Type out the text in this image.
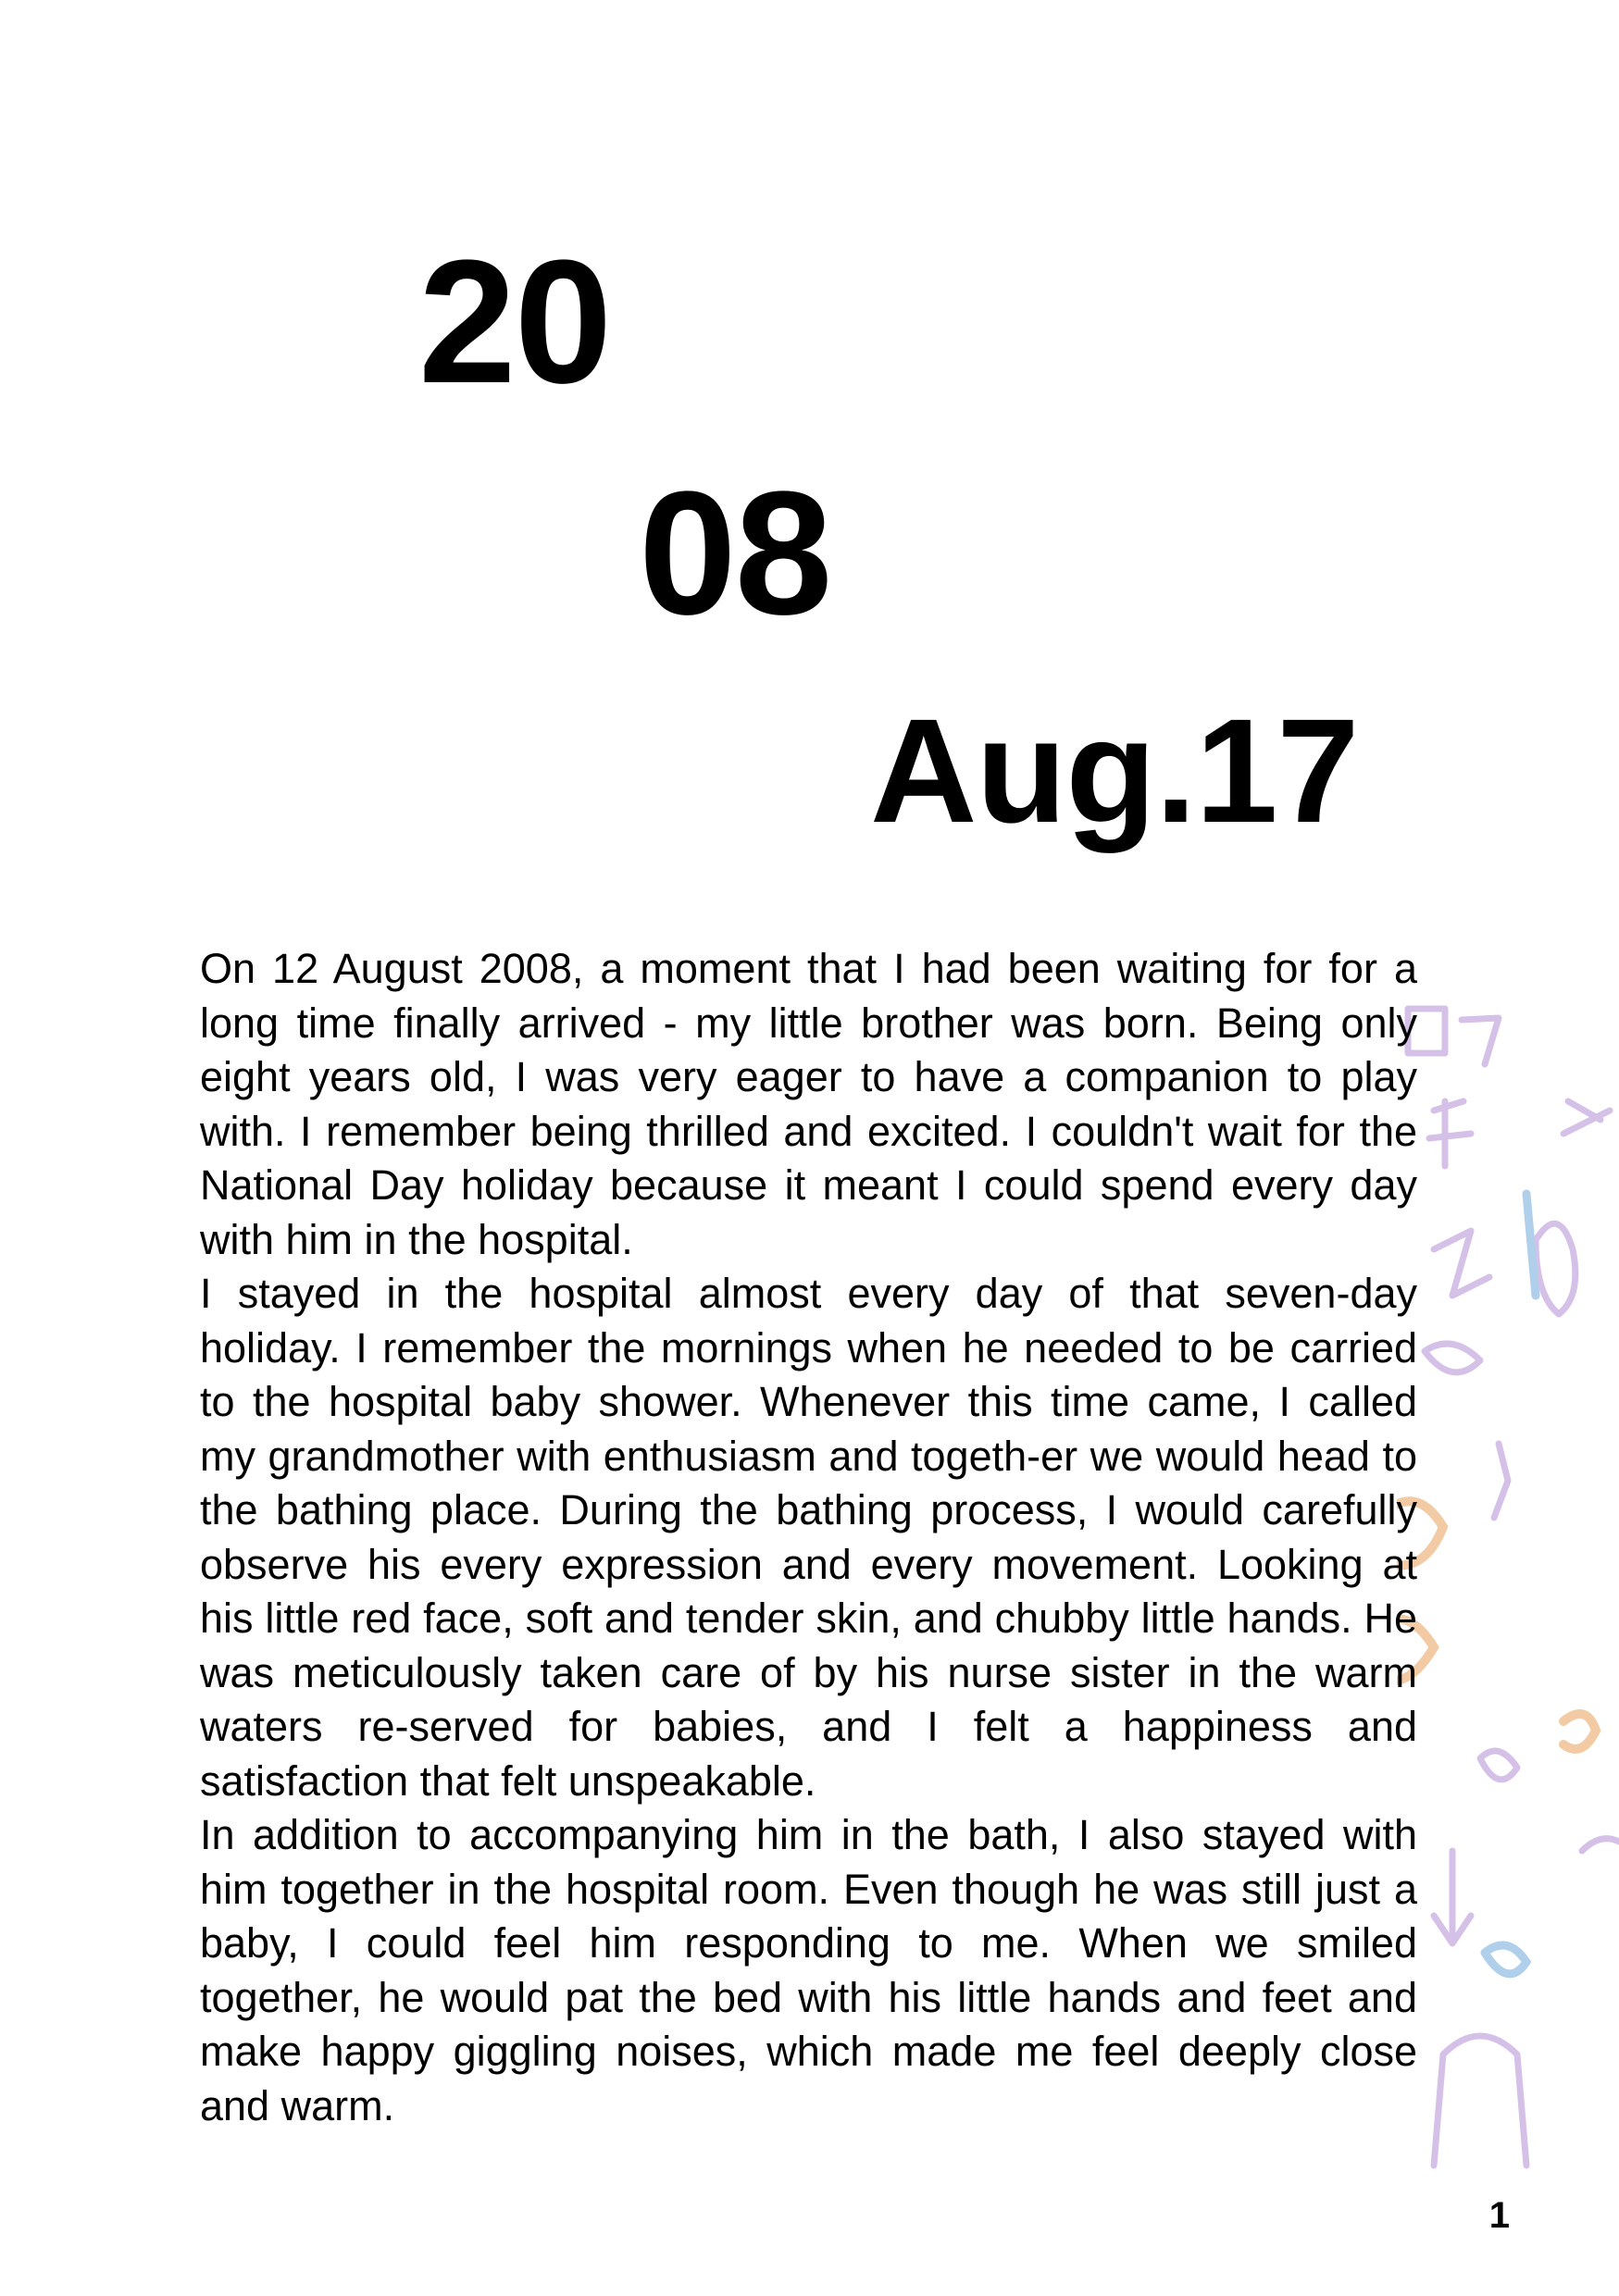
20
08
Aug.17

On 12 August 2008, a moment that I had been waiting for for a long time finally arrived - my little brother was born. Being only eight years old, I was very eager to have a companion to play with. I remember being thrilled and excited. I couldn't wait for the National Day holiday because it meant I could spend every day with him in the hospital.

I stayed in the hospital almost every day of that seven-day holiday. I remember the mornings when he needed to be carried to the hospital baby shower. Whenever this time came, I called my grandmother with enthusiasm and togeth-er we would head to the bathing place. During the bathing process, I would carefully observe his every expression and every movement. Looking at his little red face, soft and tender skin, and chubby little hands. He was meticulously taken care of by his nurse sister in the warm waters re-served for babies, and I felt a happiness and satisfaction that felt unspeakable.

In addition to accompanying him in the bath, I also stayed with him together in the hospital room. Even though he was still just a baby, I could feel him responding to me. When we smiled together, he would pat the bed with his little hands and feet and make happy giggling noises, which made me feel deeply close and warm.

1
